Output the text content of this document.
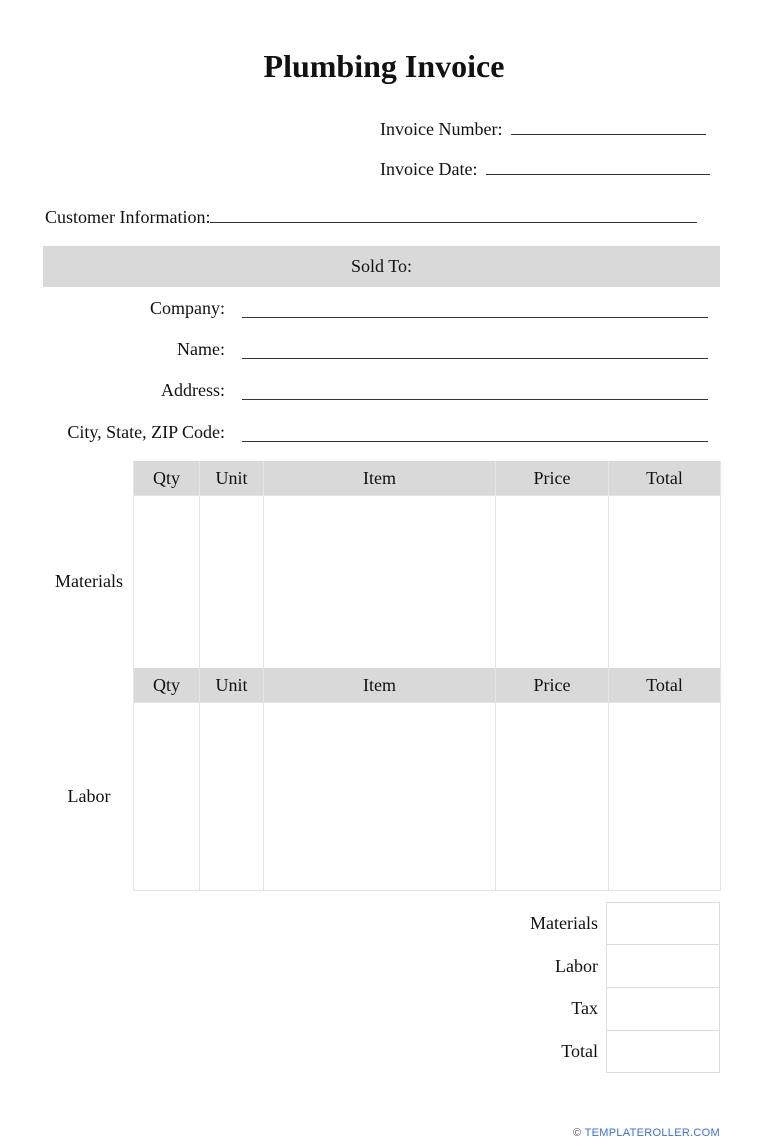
Plumbing Invoice
Invoice Number:
Invoice Date:
Customer Information:
Sold To:
Company:
Name:
Address:
City, State, ZIP Code:
Materials
Qty	Unit	Item	Price	Total

Labor
Qty	Unit	Item	Price	Total

Materials
Labor
Tax
Total
© TEMPLATEROLLER.COM
